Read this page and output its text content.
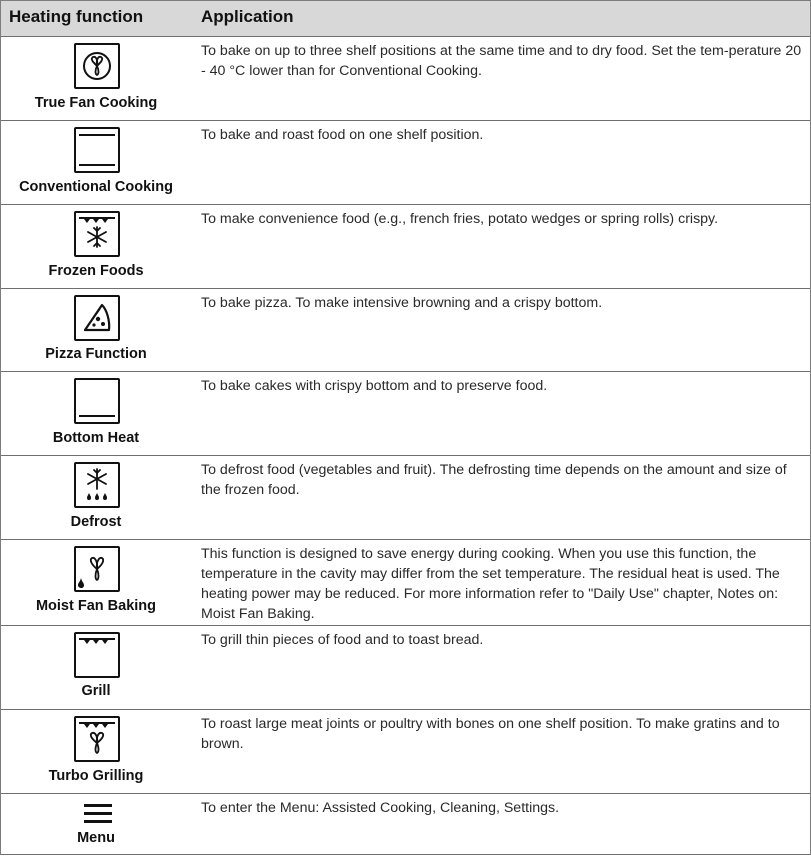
Heating function	Application
True Fan Cooking
To bake on up to three shelf positions at the same time and to dry food. Set the tem-perature 20 - 40 °C lower than for Conventional Cooking.
Conventional Cooking
To bake and roast food on one shelf position.
Frozen Foods
To make convenience food (e.g., french fries, potato wedges or spring rolls) crispy.
Pizza Function
To bake pizza. To make intensive browning and a crispy bottom.
Bottom Heat
To bake cakes with crispy bottom and to preserve food.
Defrost
To defrost food (vegetables and fruit). The defrosting time depends on the amount and size of the frozen food.
Moist Fan Baking
This function is designed to save energy during cooking. When you use this function, the temperature in the cavity may differ from the set temperature. The residual heat is used. The heating power may be reduced. For more information refer to "Daily Use" chapter, Notes on: Moist Fan Baking.
Grill
To grill thin pieces of food and to toast bread.
Turbo Grilling
To roast large meat joints or poultry with bones on one shelf position. To make gratins and to brown.
Menu
To enter the Menu: Assisted Cooking, Cleaning, Settings.
